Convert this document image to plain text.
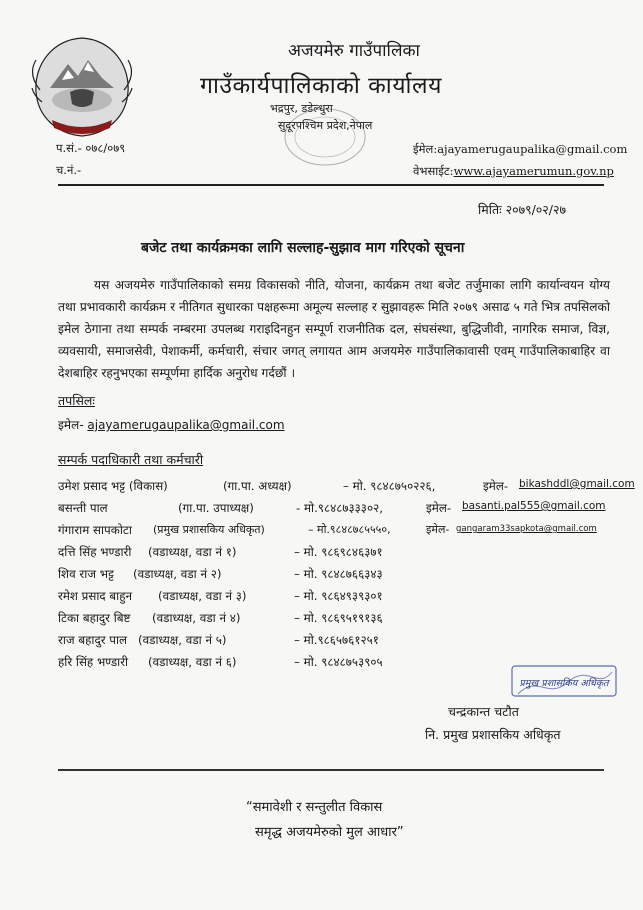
अजयमेरु गाउँपालिका
गाउँकार्यपालिकाको कार्यालय
भद्रपुर, डडेल्धुरा
सुदूरपश्चिम प्रदेश,नेपाल
प.सं.- ०७८/०७९
च.नं.-
ईमेल:ajayamerugaupalika@gmail.com
वेभसाईट:www.ajayamerumun.gov.np
मितिः २०७९/०२/२७
बजेट तथा कार्यक्रमका लागि सल्लाह-सुझाव माग गरिएको सूचना
यस अजयमेरु गाउँपालिकाको समग्र विकासको नीति, योजना, कार्यक्रम तथा बजेट तर्जुमाका लागि कार्यान्वयन योग्य तथा प्रभावकारी कार्यक्रम र नीतिगत सुधारका पक्षहरूमा अमूल्य सल्लाह र सुझावहरू मिति २०७९ असाढ ५ गते भित्र तपसिलको इमेल ठेगाना तथा सम्पर्क नम्बरमा उपलब्ध गराइदिनहुन सम्पूर्ण राजनीतिक दल, संघसंस्था, बुद्धिजीवी, नागरिक समाज, विज्ञ, व्यवसायी, समाजसेवी, पेशाकर्मी, कर्मचारी, संचार जगत् लगायत आम अजयमेरु गाउँपालिकावासी एवम् गाउँपालिकाबाहिर वा देशबाहिर रहनुभएका सम्पूर्णमा हार्दिक अनुरोध गर्दछौं ।
तपसिलः
इमेल- ajayamerugaupalika@gmail.com
सम्पर्क पदाधिकारी तथा कर्मचारी
उमेश प्रसाद भट्ट (विकास)	(गा.पा. अध्यक्ष)	– मो. ९८४८७५०२२६,	इमेल- bikashddl@gmail.com
बसन्ती पाल	(गा.पा. उपाध्यक्ष)	- मो.९८४८७३३३०२,	इमेल- basanti.pal555@gmail.com
गंगाराम सापकोटा (प्रमुख प्रशासकिय अधिकृत)	– मो.९८४८७८५५५०,	इमेल- gangaram33sapkota@gmail.com
दत्ति सिंह भण्डारी (वडाध्यक्ष, वडा नं १)	– मो. ९८६९८४६३७१
शिव राज भट्ट (वडाध्यक्ष, वडा नं २)	– मो. ९८४८७६६३४३
रमेश प्रसाद बाहुन (वडाध्यक्ष, वडा नं ३)	– मो. ९८६४९३९३०१
टिका बहादुर बिष्ट (वडाध्यक्ष, वडा नं ४)	– मो. ९८६९५१९१३६
राज बहादुर पाल (वडाध्यक्ष, वडा नं ५)	– मो.९८६५७६१२५१
हरि सिंह भण्डारी (वडाध्यक्ष, वडा नं ६)	– मो. ९८४८७५३९०५
प्रमुख प्रशासकिय अधिकृत
चन्द्रकान्त चटौत
नि. प्रमुख प्रशासकिय अधिकृत
“समावेशी र सन्तुलीत विकास
समृद्ध अजयमेरुको मुल आधार”
